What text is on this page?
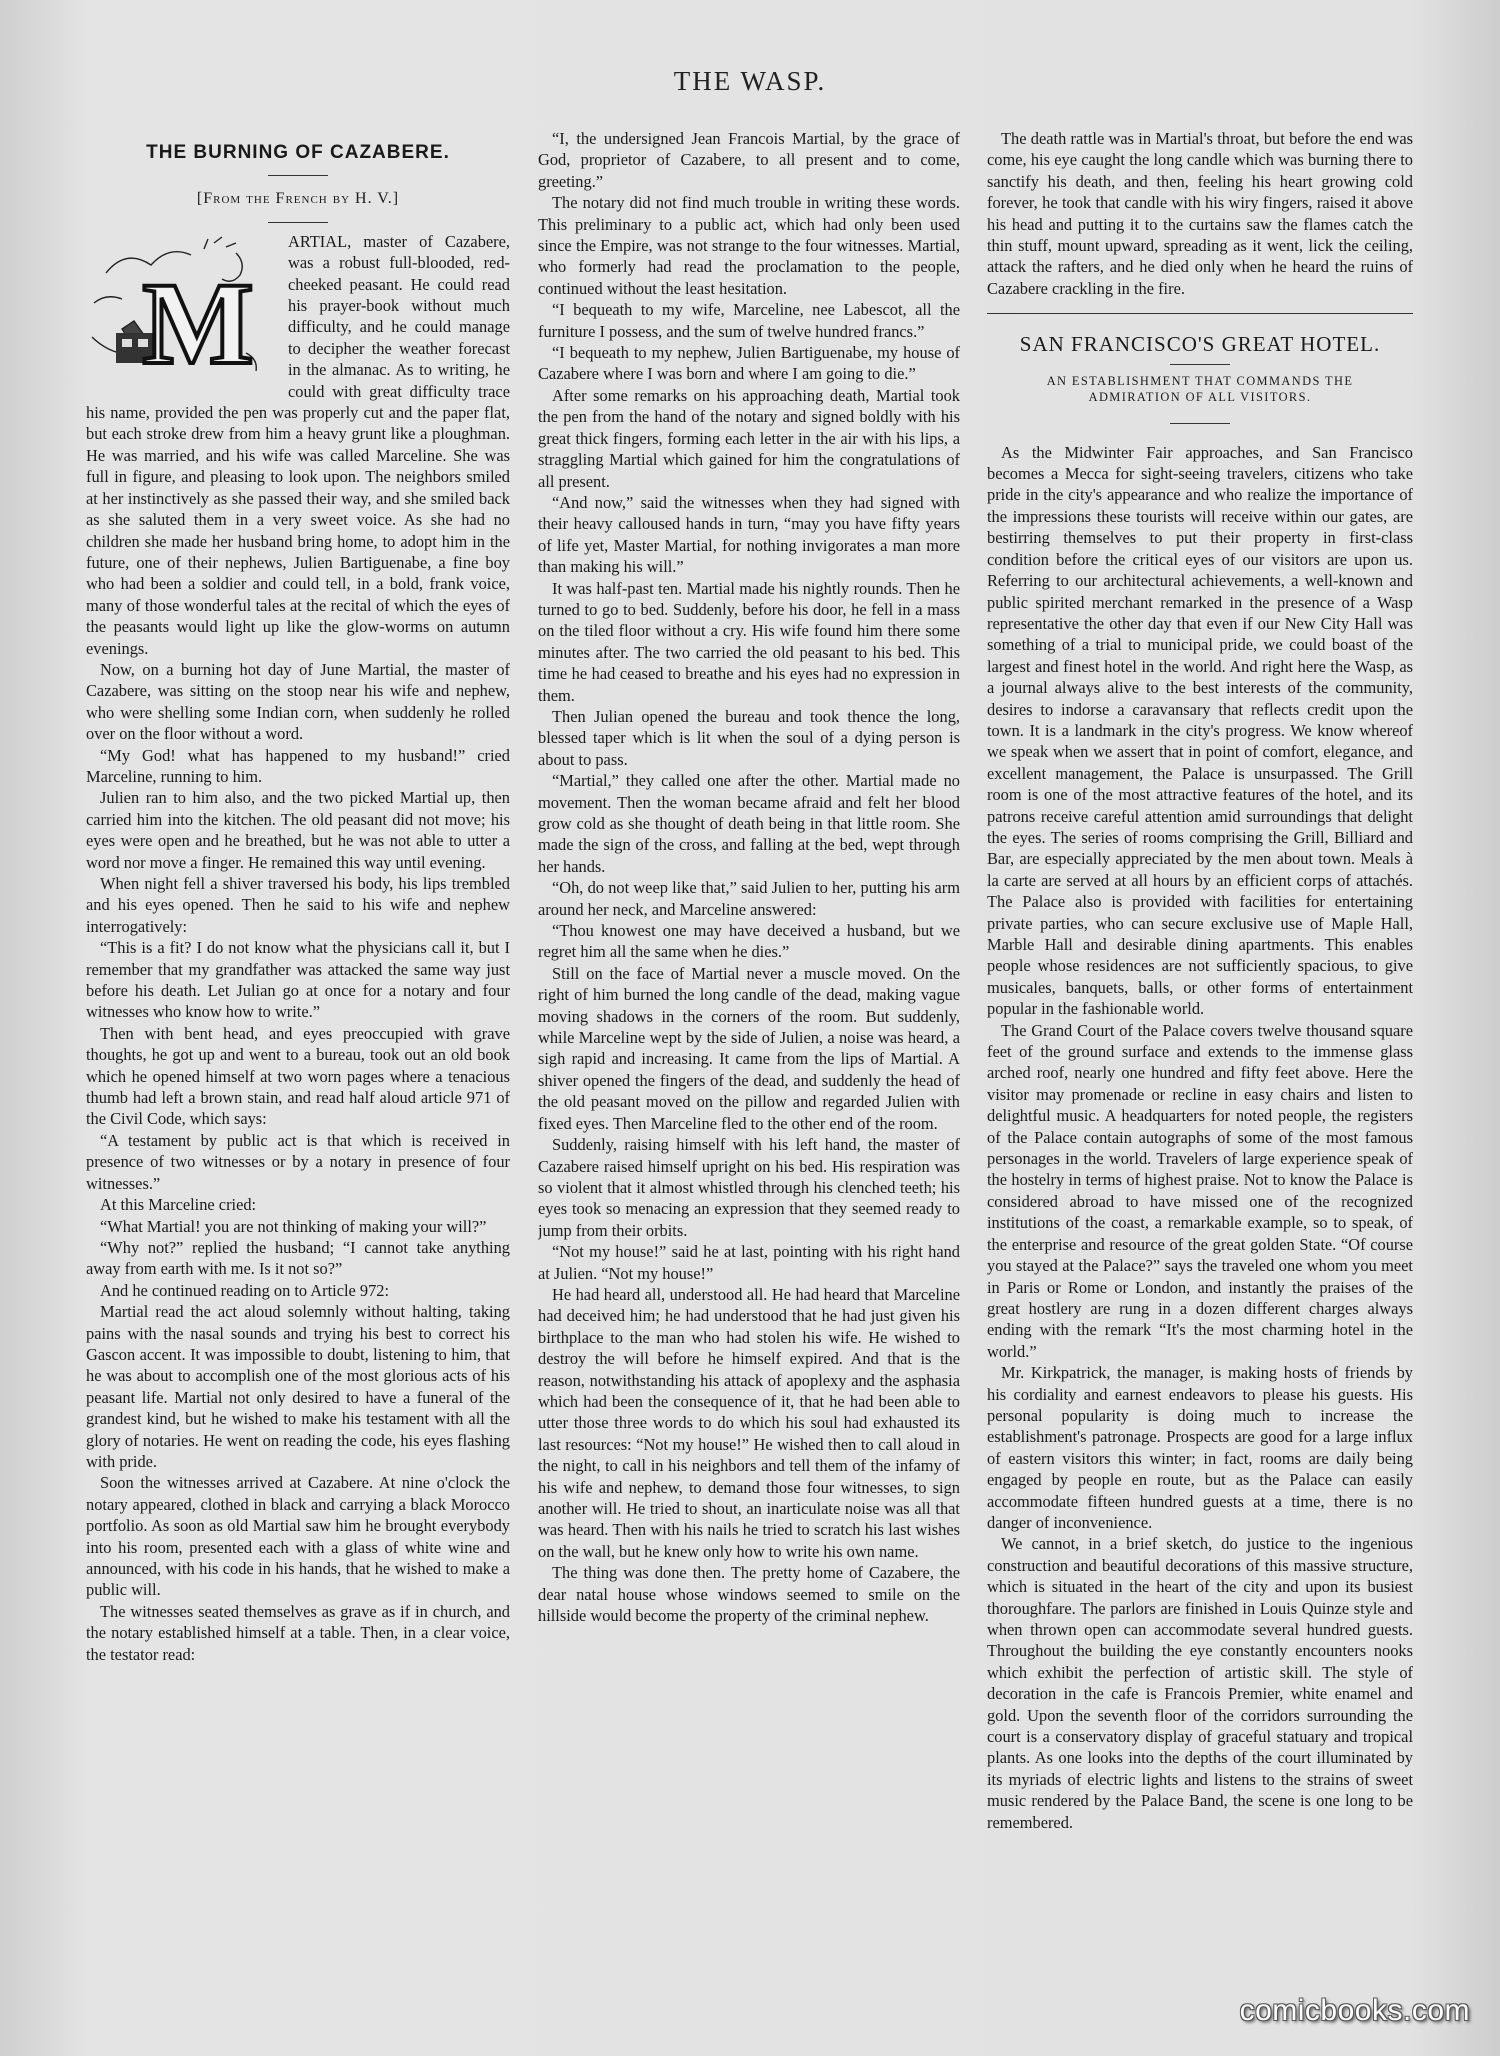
THE WASP.
THE BURNING OF CAZABERE.
[From the French by H. V.]
M

ARTIAL, master of Cazabere, was a robust full-blooded, red-cheeked peasant. He could read his prayer-book without much difficulty, and he could manage to decipher the weather forecast in the almanac. As to writing, he could with great difficulty trace his name, provided the pen was properly cut and the paper flat, but each stroke drew from him a heavy grunt like a ploughman. He was married, and his wife was called Marceline. She was full in figure, and pleasing to look upon. The neighbors smiled at her instinctively as she passed their way, and she smiled back as she saluted them in a very sweet voice. As she had no children she made her husband bring home, to adopt him in the future, one of their nephews, Julien Bartiguenabe, a fine boy who had been a soldier and could tell, in a bold, frank voice, many of those wonderful tales at the recital of which the eyes of the peasants would light up like the glow-worms on autumn evenings.

Now, on a burning hot day of June Martial, the master of Cazabere, was sitting on the stoop near his wife and nephew, who were shelling some Indian corn, when suddenly he rolled over on the floor without a word.

“My God! what has happened to my husband!” cried Marceline, running to him.

Julien ran to him also, and the two picked Martial up, then carried him into the kitchen. The old peasant did not move; his eyes were open and he breathed, but he was not able to utter a word nor move a finger. He remained this way until evening.

When night fell a shiver traversed his body, his lips trembled and his eyes opened. Then he said to his wife and nephew interrogatively:

“This is a fit? I do not know what the physicians call it, but I remember that my grandfather was attacked the same way just before his death. Let Julian go at once for a notary and four witnesses who know how to write.”

Then with bent head, and eyes preoccupied with grave thoughts, he got up and went to a bureau, took out an old book which he opened himself at two worn pages where a tenacious thumb had left a brown stain, and read half aloud article 971 of the Civil Code, which says:

“A testament by public act is that which is received in presence of two witnesses or by a notary in presence of four witnesses.”

At this Marceline cried:

“What Martial! you are not thinking of making your will?”

“Why not?” replied the husband; “I cannot take anything away from earth with me. Is it not so?”

And he continued reading on to Article 972:

Martial read the act aloud solemnly without halting, taking pains with the nasal sounds and trying his best to correct his Gascon accent. It was impossible to doubt, listening to him, that he was about to accomplish one of the most glorious acts of his peasant life. Martial not only desired to have a funeral of the grandest kind, but he wished to make his testament with all the glory of notaries. He went on reading the code, his eyes flashing with pride.

Soon the witnesses arrived at Cazabere. At nine o'clock the notary appeared, clothed in black and carrying a black Morocco portfolio. As soon as old Martial saw him he brought everybody into his room, presented each with a glass of white wine and announced, with his code in his hands, that he wished to make a public will.

The witnesses seated themselves as grave as if in church, and the notary established himself at a table. Then, in a clear voice, the testator read:

“I, the undersigned Jean Francois Martial, by the grace of God, proprietor of Cazabere, to all present and to come, greeting.”

The notary did not find much trouble in writing these words. This preliminary to a public act, which had only been used since the Empire, was not strange to the four witnesses. Martial, who formerly had read the proclamation to the people, continued without the least hesitation.

“I bequeath to my wife, Marceline, nee Labescot, all the furniture I possess, and the sum of twelve hundred francs.”

“I bequeath to my nephew, Julien Bartiguenabe, my house of Cazabere where I was born and where I am going to die.”

After some remarks on his approaching death, Martial took the pen from the hand of the notary and signed boldly with his great thick fingers, forming each letter in the air with his lips, a straggling Martial which gained for him the congratulations of all present.

“And now,” said the witnesses when they had signed with their heavy calloused hands in turn, “may you have fifty years of life yet, Master Martial, for nothing invigorates a man more than making his will.”

It was half-past ten. Martial made his nightly rounds. Then he turned to go to bed. Suddenly, before his door, he fell in a mass on the tiled floor without a cry. His wife found him there some minutes after. The two carried the old peasant to his bed. This time he had ceased to breathe and his eyes had no expression in them.

Then Julian opened the bureau and took thence the long, blessed taper which is lit when the soul of a dying person is about to pass.

“Martial,” they called one after the other. Martial made no movement. Then the woman became afraid and felt her blood grow cold as she thought of death being in that little room. She made the sign of the cross, and falling at the bed, wept through her hands.

“Oh, do not weep like that,” said Julien to her, putting his arm around her neck, and Marceline answered:

“Thou knowest one may have deceived a husband, but we regret him all the same when he dies.”

Still on the face of Martial never a muscle moved. On the right of him burned the long candle of the dead, making vague moving shadows in the corners of the room. But suddenly, while Marceline wept by the side of Julien, a noise was heard, a sigh rapid and increasing. It came from the lips of Martial. A shiver opened the fingers of the dead, and suddenly the head of the old peasant moved on the pillow and regarded Julien with fixed eyes. Then Marceline fled to the other end of the room.

Suddenly, raising himself with his left hand, the master of Cazabere raised himself upright on his bed. His respiration was so violent that it almost whistled through his clenched teeth; his eyes took so menacing an expression that they seemed ready to jump from their orbits.

“Not my house!” said he at last, pointing with his right hand at Julien. “Not my house!”

He had heard all, understood all. He had heard that Marceline had deceived him; he had understood that he had just given his birthplace to the man who had stolen his wife. He wished to destroy the will before he himself expired. And that is the reason, notwithstanding his attack of apoplexy and the asphasia which had been the consequence of it, that he had been able to utter those three words to do which his soul had exhausted its last resources: “Not my house!” He wished then to call aloud in the night, to call in his neighbors and tell them of the infamy of his wife and nephew, to demand those four witnesses, to sign another will. He tried to shout, an inarticulate noise was all that was heard. Then with his nails he tried to scratch his last wishes on the wall, but he knew only how to write his own name.

The thing was done then. The pretty home of Cazabere, the dear natal house whose windows seemed to smile on the hillside would become the property of the criminal nephew.

The death rattle was in Martial's throat, but before the end was come, his eye caught the long candle which was burning there to sanctify his death, and then, feeling his heart growing cold forever, he took that candle with his wiry fingers, raised it above his head and putting it to the curtains saw the flames catch the thin stuff, mount upward, spreading as it went, lick the ceiling, attack the rafters, and he died only when he heard the ruins of Cazabere crackling in the fire.

SAN FRANCISCO'S GREAT HOTEL.
AN ESTABLISHMENT THAT COMMANDS THE ADMIRATION OF ALL VISITORS.

As the Midwinter Fair approaches, and San Francisco becomes a Mecca for sight-seeing travelers, citizens who take pride in the city's appearance and who realize the importance of the impressions these tourists will receive within our gates, are bestirring themselves to put their property in first-class condition before the critical eyes of our visitors are upon us. Referring to our architectural achievements, a well-known and public spirited merchant remarked in the presence of a Wasp representative the other day that even if our New City Hall was something of a trial to municipal pride, we could boast of the largest and finest hotel in the world. And right here the Wasp, as a journal always alive to the best interests of the community, desires to indorse a caravansary that reflects credit upon the town. It is a landmark in the city's progress. We know whereof we speak when we assert that in point of comfort, elegance, and excellent management, the Palace is unsurpassed. The Grill room is one of the most attractive features of the hotel, and its patrons receive careful attention amid surroundings that delight the eyes. The series of rooms comprising the Grill, Billiard and Bar, are especially appreciated by the men about town. Meals à la carte are served at all hours by an efficient corps of attachés. The Palace also is provided with facilities for entertaining private parties, who can secure exclusive use of Maple Hall, Marble Hall and desirable dining apartments. This enables people whose residences are not sufficiently spacious, to give musicales, banquets, balls, or other forms of entertainment popular in the fashionable world.

The Grand Court of the Palace covers twelve thousand square feet of the ground surface and extends to the immense glass arched roof, nearly one hundred and fifty feet above. Here the visitor may promenade or recline in easy chairs and listen to delightful music. A headquarters for noted people, the registers of the Palace contain autographs of some of the most famous personages in the world. Travelers of large experience speak of the hostelry in terms of highest praise. Not to know the Palace is considered abroad to have missed one of the recognized institutions of the coast, a remarkable example, so to speak, of the enterprise and resource of the great golden State. “Of course you stayed at the Palace?” says the traveled one whom you meet in Paris or Rome or London, and instantly the praises of the great hostlery are rung in a dozen different charges always ending with the remark “It's the most charming hotel in the world.”

Mr. Kirkpatrick, the manager, is making hosts of friends by his cordiality and earnest endeavors to please his guests. His personal popularity is doing much to increase the establishment's patronage. Prospects are good for a large influx of eastern visitors this winter; in fact, rooms are daily being engaged by people en route, but as the Palace can easily accommodate fifteen hundred guests at a time, there is no danger of inconvenience.

We cannot, in a brief sketch, do justice to the ingenious construction and beautiful decorations of this massive structure, which is situated in the heart of the city and upon its busiest thoroughfare. The parlors are finished in Louis Quinze style and when thrown open can accommodate several hundred guests. Throughout the building the eye constantly encounters nooks which exhibit the perfection of artistic skill. The style of decoration in the cafe is Francois Premier, white enamel and gold. Upon the seventh floor of the corridors surrounding the court is a conservatory display of graceful statuary and tropical plants. As one looks into the depths of the court illuminated by its myriads of electric lights and listens to the strains of sweet music rendered by the Palace Band, the scene is one long to be remembered.

comicbooks.com
